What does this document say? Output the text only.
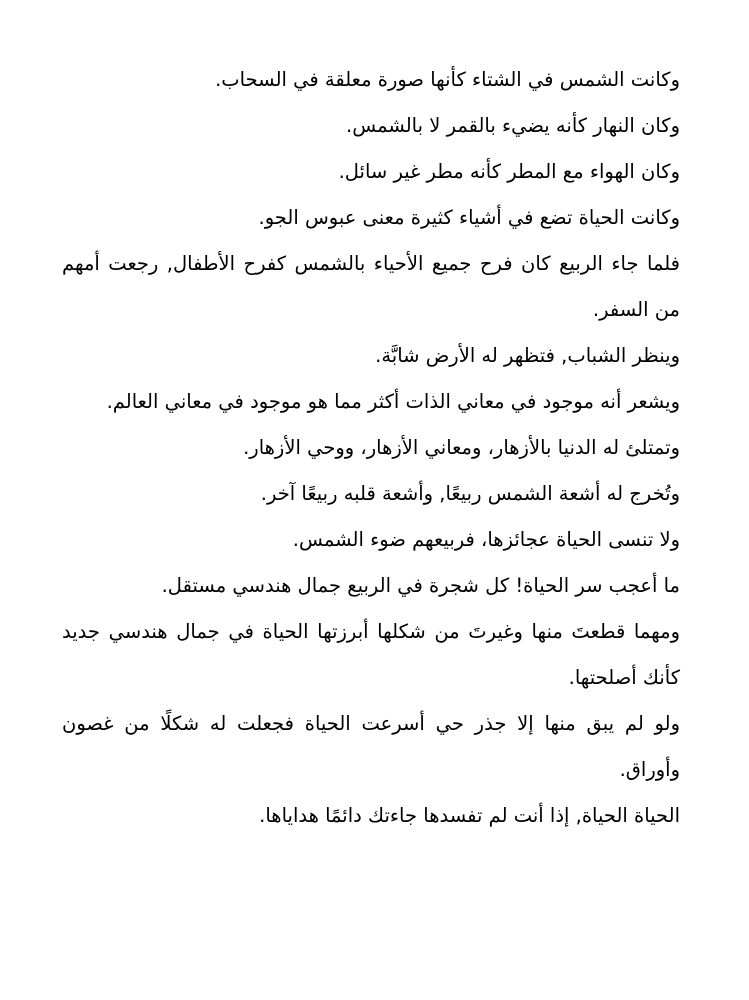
وكانت الشمس في الشتاء كأنها صورة معلقة في السحاب.

وكان النهار كأنه يضيء بالقمر لا بالشمس.

وكان الهواء مع المطر كأنه مطر غير سائل.

وكانت الحياة تضع في أشياء كثيرة معنى عبوس الجو.

فلما جاء الربيع كان فرح جميع الأحياء بالشمس كفرح الأطفال, رجعت أمهم من السفر.

وينظر الشباب, فتظهر له الأرض شابَّة.

ويشعر أنه موجود في معاني الذات أكثر مما هو موجود في معاني العالم.

وتمتلئ له الدنيا بالأزهار، ومعاني الأزهار، ووحي الأزهار.

وتُخرج له أشعة الشمس ربيعًا, وأشعة قلبه ربيعًا آخر.

ولا تنسى الحياة عجائزها، فربيعهم ضوء الشمس.

ما أعجب سر الحياة! كل شجرة في الربيع جمال هندسي مستقل.

ومهما قطعتَ منها وغيرتَ من شكلها أبرزتها الحياة في جمال هندسي جديد كأنك أصلحتها.

ولو لم يبق منها إلا جذر حي أسرعت الحياة فجعلت له شكلًا من غصون وأوراق.

الحياة الحياة, إذا أنت لم تفسدها جاءتك دائمًا هداياها.
